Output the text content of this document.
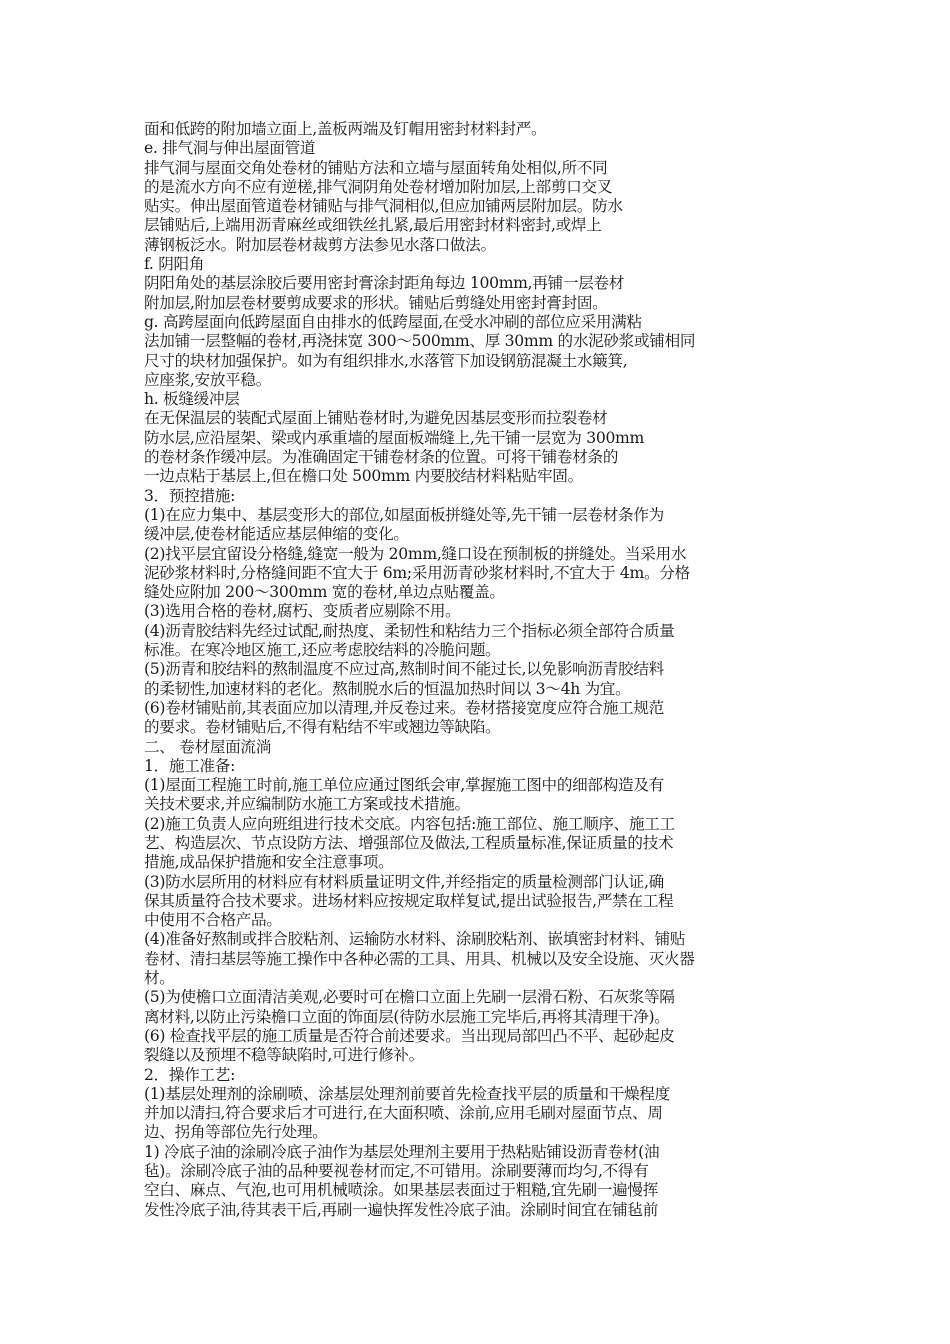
面和低跨的附加墙立面上,盖板两端及钉帽用密封材料封严。
e. 排气洞与伸出屋面管道
排气洞与屋面交角处卷材的铺贴方法和立墙与屋面转角处相似,所不同
的是流水方向不应有逆槎,排气洞阴角处卷材增加附加层,上部剪口交叉
贴实。伸出屋面管道卷材铺贴与排气洞相似,但应加铺两层附加层。防水
层铺贴后,上端用沥青麻丝或细铁丝扎紧,最后用密封材料密封,或焊上
薄钢板泛水。附加层卷材裁剪方法参见水落口做法。
f. 阴阳角
阴阳角处的基层涂胶后要用密封膏涂封距角每边 100mm,再铺一层卷材
附加层,附加层卷材要剪成要求的形状。铺贴后剪缝处用密封膏封固。
g. 高跨屋面向低跨屋面自由排水的低跨屋面,在受水冲刷的部位应采用满粘
法加铺一层整幅的卷材,再浇抹宽 300～500mm、厚 30mm 的水泥砂浆或铺相同
尺寸的块材加强保护。如为有组织排水,水落管下加设钢筋混凝土水簸箕,
应座浆,安放平稳。
h. 板缝缓冲层
在无保温层的装配式屋面上铺贴卷材时,为避免因基层变形而拉裂卷材
防水层,应沿屋架、梁或内承重墙的屋面板端缝上,先干铺一层宽为 300mm
的卷材条作缓冲层。为准确固定干铺卷材条的位置。可将干铺卷材条的
一边点粘于基层上,但在檐口处 500mm 内要胶结材料粘贴牢固。
3．预控措施:
(1)在应力集中、基层变形大的部位,如屋面板拼缝处等,先干铺一层卷材条作为
缓冲层,使卷材能适应基层伸缩的变化。
(2)找平层宜留设分格缝,缝宽一般为 20mm,缝口设在预制板的拼缝处。当采用水
泥砂浆材料时,分格缝间距不宜大于 6m;采用沥青砂浆材料时,不宜大于 4m。分格
缝处应附加 200～300mm 宽的卷材,单边点贴覆盖。
(3)选用合格的卷材,腐朽、变质者应剔除不用。
(4)沥青胶结料先经过试配,耐热度、柔韧性和粘结力三个指标必须全部符合质量
标准。在寒冷地区施工,还应考虑胶结料的冷脆问题。
(5)沥青和胶结料的熬制温度不应过高,熬制时间不能过长,以免影响沥青胶结料
的柔韧性,加速材料的老化。熬制脱水后的恒温加热时间以 3～4h 为宜。
(6)卷材铺贴前,其表面应加以清理,并反卷过来。卷材搭接宽度应符合施工规范
的要求。卷材铺贴后,不得有粘结不牢或翘边等缺陷。
二、 卷材屋面流淌
1．施工准备:
(1)屋面工程施工时前,施工单位应通过图纸会审,掌握施工图中的细部构造及有
关技术要求,并应编制防水施工方案或技术措施。
(2)施工负责人应向班组进行技术交底。内容包括:施工部位、施工顺序、施工工
艺、构造层次、节点设防方法、增强部位及做法,工程质量标准,保证质量的技术
措施,成品保护措施和安全注意事项。
(3)防水层所用的材料应有材料质量证明文件,并经指定的质量检测部门认证,确
保其质量符合技术要求。进场材料应按规定取样复试,提出试验报告,严禁在工程
中使用不合格产品。
(4)准备好熬制或拌合胶粘剂、运输防水材料、涂刷胶粘剂、嵌填密封材料、铺贴
卷材、清扫基层等施工操作中各种必需的工具、用具、机械以及安全设施、灭火器
材。
(5)为使檐口立面清洁美观,必要时可在檐口立面上先刷一层滑石粉、石灰浆等隔
离材料,以防止污染檐口立面的饰面层(待防水层施工完毕后,再将其清理干净)。
(6) 检查找平层的施工质量是否符合前述要求。当出现局部凹凸不平、起砂起皮
裂缝以及预埋不稳等缺陷时,可进行修补。
2．操作工艺:
(1)基层处理剂的涂刷喷、涂基层处理剂前要首先检查找平层的质量和干燥程度
并加以清扫,符合要求后才可进行,在大面积喷、涂前,应用毛刷对屋面节点、周
边、拐角等部位先行处理。
1) 冷底子油的涂刷冷底子油作为基层处理剂主要用于热粘贴铺设沥青卷材(油
毡)。涂刷冷底子油的品种要视卷材而定,不可错用。涂刷要薄而均匀,不得有
空白、麻点、气泡,也可用机械喷涂。如果基层表面过于粗糙,宜先刷一遍慢挥
发性冷底子油,待其表干后,再刷一遍快挥发性冷底子油。涂刷时间宜在铺毡前
